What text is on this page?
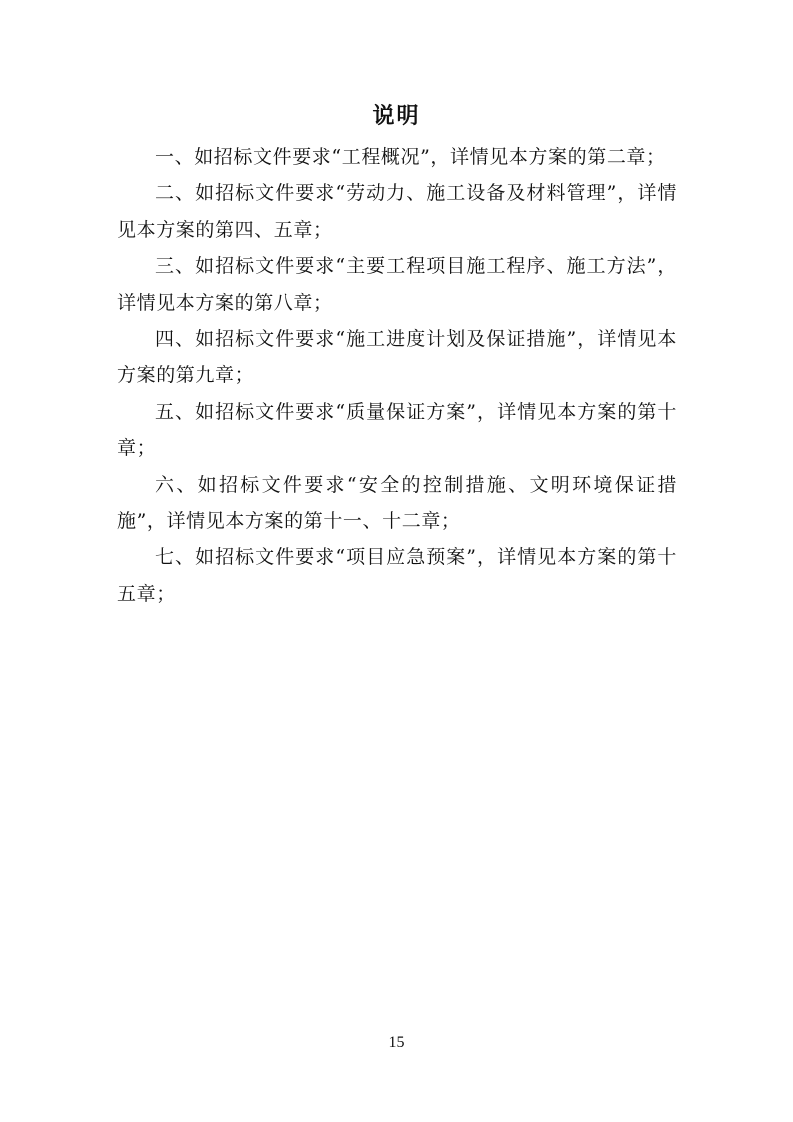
说明

一、如招标文件要求“工程概况”，详情见本方案的第二章；

二、如招标文件要求“劳动力、施工设备及材料管理”，详情见本方案的第四、五章；

三、如招标文件要求“主要工程项目施工程序、施工方法”，详情见本方案的第八章；

四、如招标文件要求“施工进度计划及保证措施”，详情见本方案的第九章；

五、如招标文件要求“质量保证方案”，详情见本方案的第十章；

六、如招标文件要求“安全的控制措施、文明环境保证措施”，详情见本方案的第十一、十二章；

七、如招标文件要求“项目应急预案”，详情见本方案的第十五章；

15
